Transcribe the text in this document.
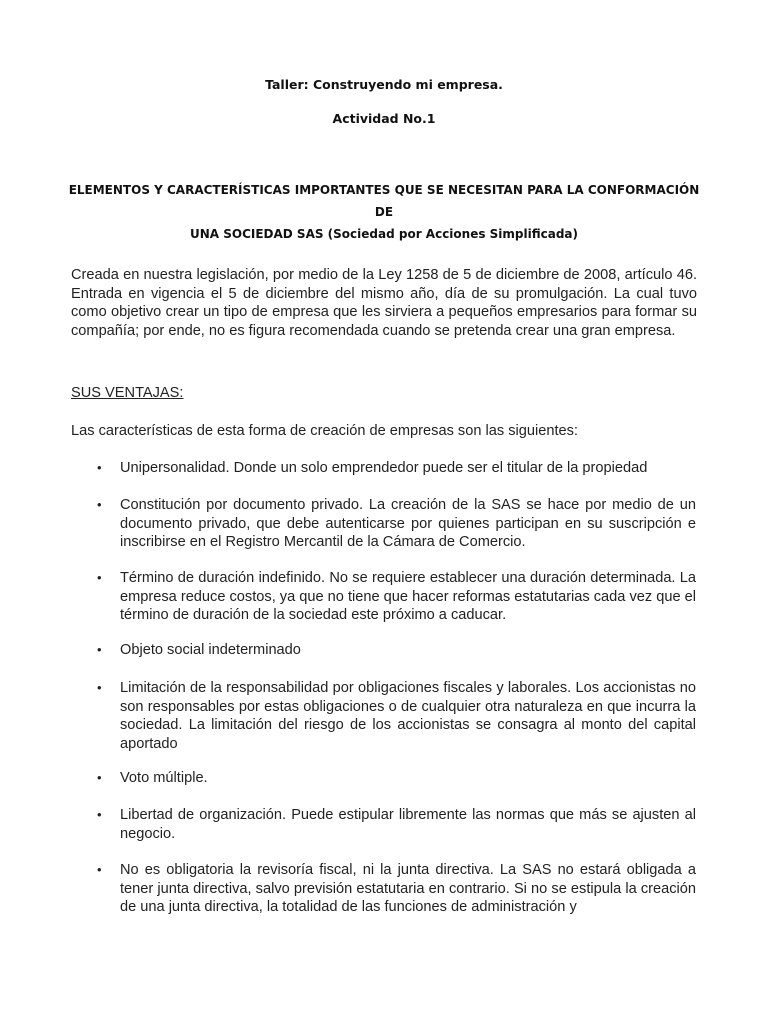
Taller: Construyendo mi empresa.
Actividad No.1
ELEMENTOS Y CARACTERÍSTICAS IMPORTANTES QUE SE NECESITAN PARA LA CONFORMACIÓN DE
UNA SOCIEDAD SAS (Sociedad por Acciones Simplificada)

Creada en nuestra legislación, por medio de la Ley 1258 de 5 de diciembre de 2008, artículo 46. Entrada en vigencia el 5 de diciembre del mismo año, día de su promulgación. La cual tuvo como objetivo crear un tipo de empresa que les sirviera a pequeños empresarios para formar su compañía; por ende, no es figura recomendada cuando se pretenda crear una gran empresa.

SUS VENTAJAS:

Las características de esta forma de creación de empresas son las siguientes:

•	Unipersonalidad. Donde un solo emprendedor puede ser el titular de la propiedad

•	Constitución por documento privado. La creación de la SAS se hace por medio de un documento privado, que debe autenticarse por quienes participan en su suscripción e inscribirse en el Registro Mercantil de la Cámara de Comercio.

•	Término de duración indefinido. No se requiere establecer una duración determinada. La empresa reduce costos, ya que no tiene que hacer reformas estatutarias cada vez que el término de duración de la sociedad este próximo a caducar.

•	Objeto social indeterminado

•	Limitación de la responsabilidad por obligaciones fiscales y laborales. Los accionistas no son responsables por estas obligaciones o de cualquier otra naturaleza en que incurra la sociedad. La limitación del riesgo de los accionistas se consagra al monto del capital aportado

•	Voto múltiple.

•	Libertad de organización. Puede estipular libremente las normas que más se ajusten al negocio.

•	No es obligatoria la revisoría fiscal, ni la junta directiva. La SAS no estará obligada a tener junta directiva, salvo previsión estatutaria en contrario. Si no se estipula la creación de una junta directiva, la totalidad de las funciones de administración y
